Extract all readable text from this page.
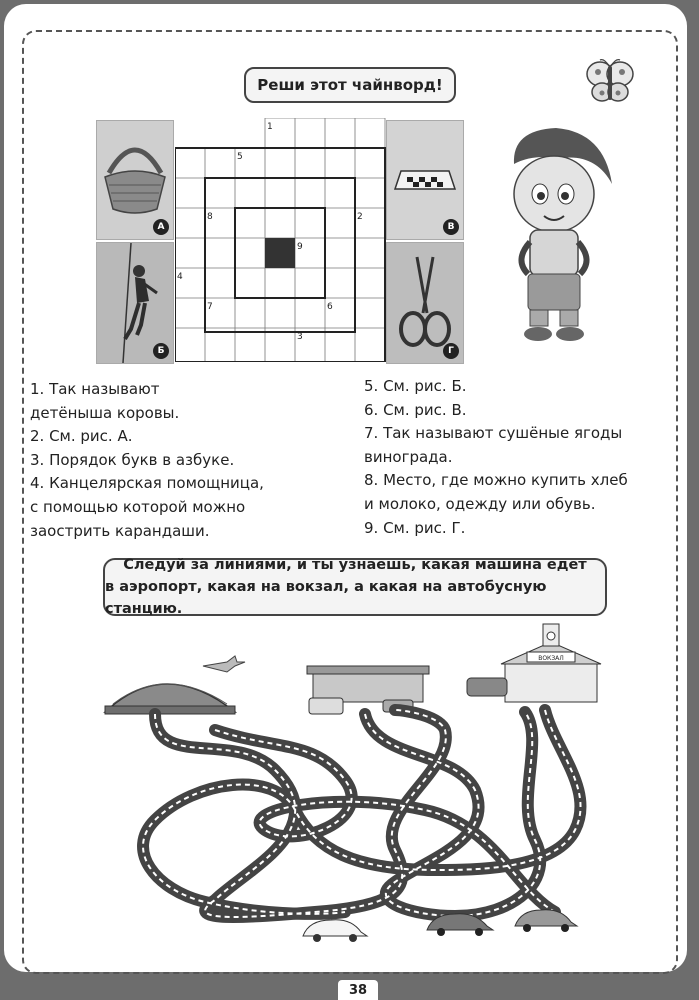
Реши этот чайнворд!
А
Б
В
Г
1
2
3
4
5
6
7
8
9
1. Так называют
детёныша коровы.
2. См. рис. А.
3. Порядок букв в азбуке.
4. Канцелярская помощница,
с помощью которой можно
заострить карандаши.
5. См. рис. Б.
6. См. рис. В.
7. Так называют сушёные ягоды
винограда.
8. Место, где можно купить хлеб
и молоко, одежду или обувь.
9. См. рис. Г.
Следуй за линиями, и ты узнаешь, какая машина едет
в аэропорт, какая на вокзал, а какая на автобусную станцию.
ВОКЗАЛ
38
